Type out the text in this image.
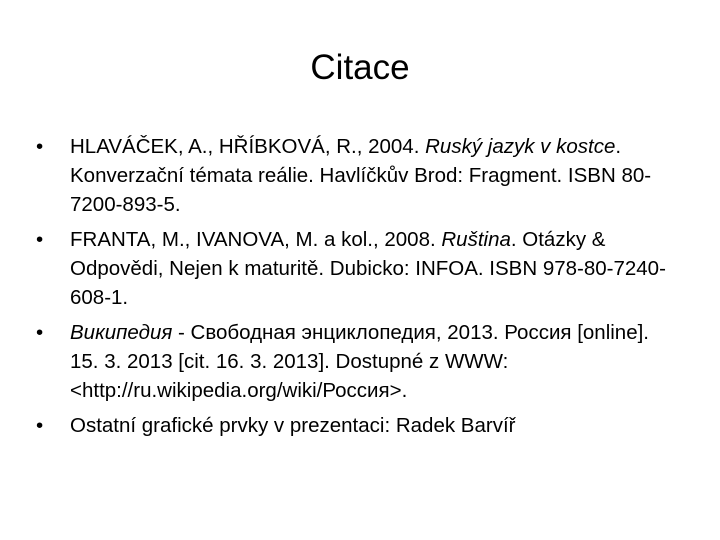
Citace
•	HLAVÁČEK, A., HŘÍBKOVÁ, R., 2004. Ruský jazyk v kostce. Konverzační témata reálie. Havlíčkův Brod: Fragment. ISBN 80-7200-893-5.
•	FRANTA, M., IVANOVA, M. a kol., 2008. Ruština. Otázky & Odpovědi, Nejen k maturitě. Dubicko: INFOA. ISBN 978-80-7240-608-1.
•	Википедия - Свободная энциклопедия, 2013. Россия [online]. 15. 3. 2013 [cit. 16. 3. 2013]. Dostupné z WWW: <http://ru.wikipedia.org/wiki/Россия>.
•	Ostatní grafické prvky v prezentaci: Radek Barvíř
